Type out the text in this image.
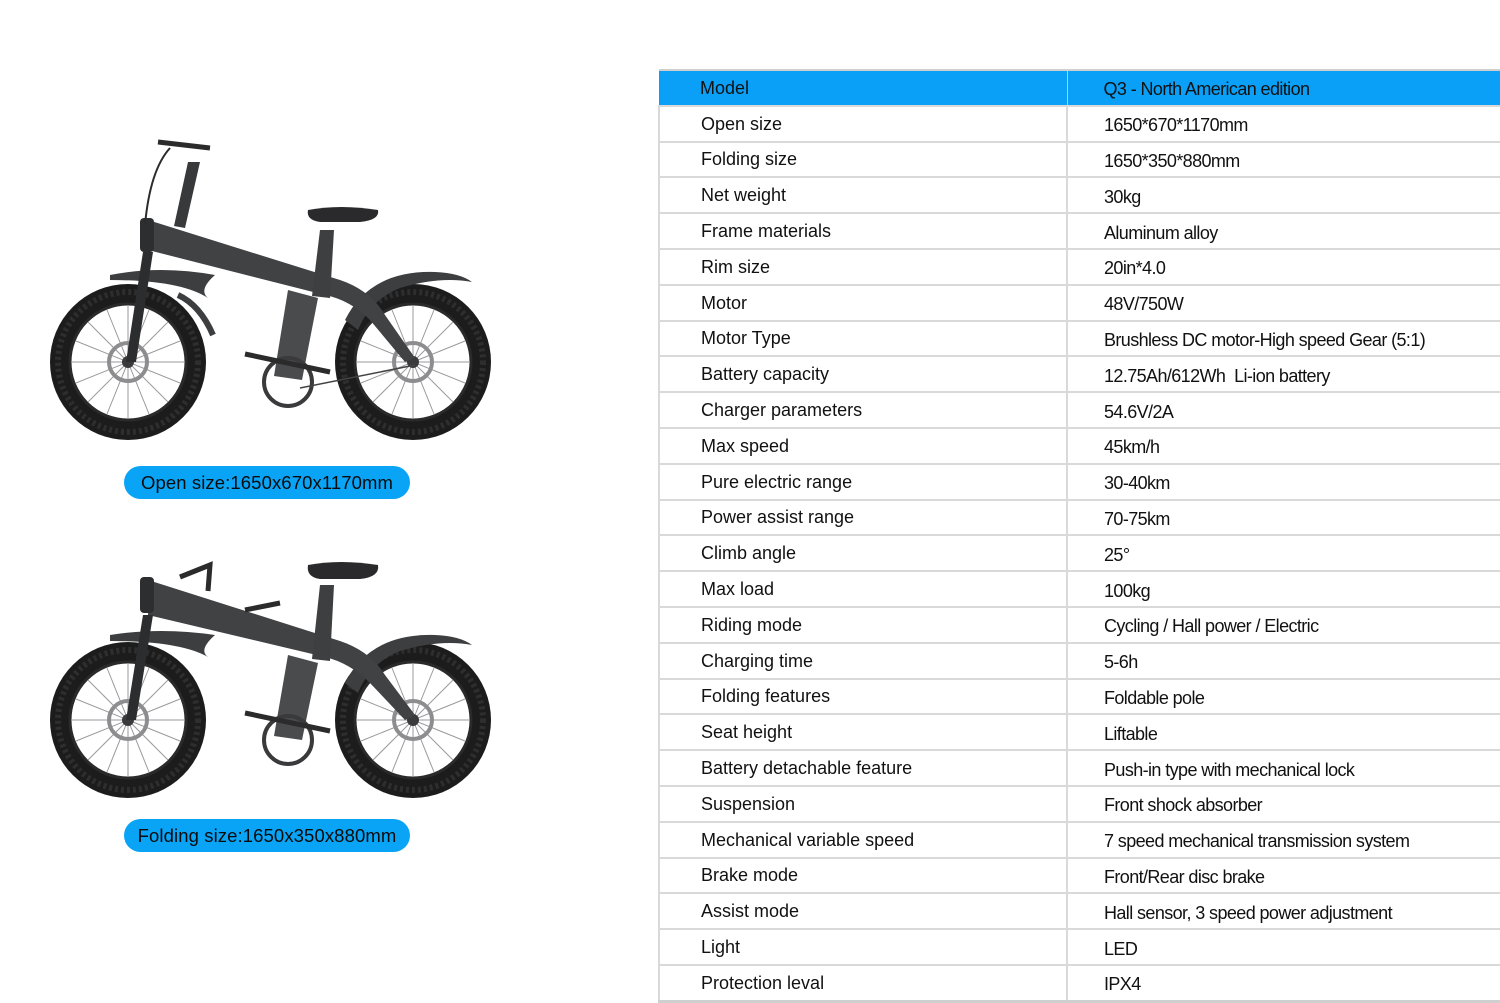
Open size:1650x670x1170mm
Folding size:1650x350x880mm
Model	Q3 - North American edition
Open size	1650*670*1170mm
Folding size	1650*350*880mm
Net weight	30kg
Frame materials	Aluminum alloy
Rim size	20in*4.0
Motor	48V/750W
Motor Type	Brushless DC motor-High speed Gear (5:1)
Battery capacity	12.75Ah/612Wh  Li-ion battery
Charger parameters	54.6V/2A
Max speed	45km/h
Pure electric range	30-40km
Power assist range	70-75km
Climb angle	25°
Max load	100kg
Riding mode	Cycling / Hall power / Electric
Charging time	5-6h
Folding features	Foldable pole
Seat height	Liftable
Battery detachable feature	Push-in type with mechanical lock
Suspension	Front shock absorber
Mechanical variable speed	7 speed mechanical transmission system
Brake mode	Front/Rear disc brake
Assist mode	Hall sensor, 3 speed power adjustment
Light	LED
Protection leval	IPX4
